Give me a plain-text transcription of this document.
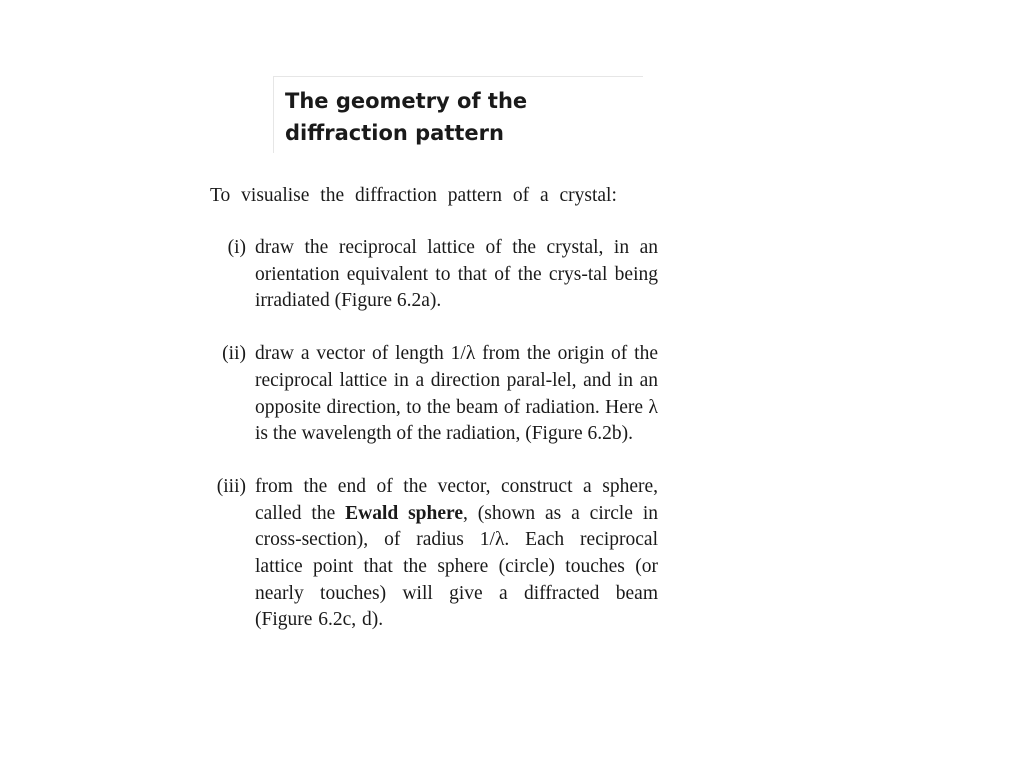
The geometry of the diffraction pattern

To visualise the diffraction pattern of a crystal:

(i) draw the reciprocal lattice of the crystal, in an orientation equivalent to that of the crys-tal being irradiated (Figure 6.2a).

(ii) draw a vector of length 1/λ from the origin of the reciprocal lattice in a direction paral-lel, and in an opposite direction, to the beam of radiation. Here λ is the wavelength of the radiation, (Figure 6.2b).

(iii) from the end of the vector, construct a sphere, called the Ewald sphere, (shown as a circle in cross-section), of radius 1/λ. Each reciprocal lattice point that the sphere (circle) touches (or nearly touches) will give a diffracted beam (Figure 6.2c, d).
